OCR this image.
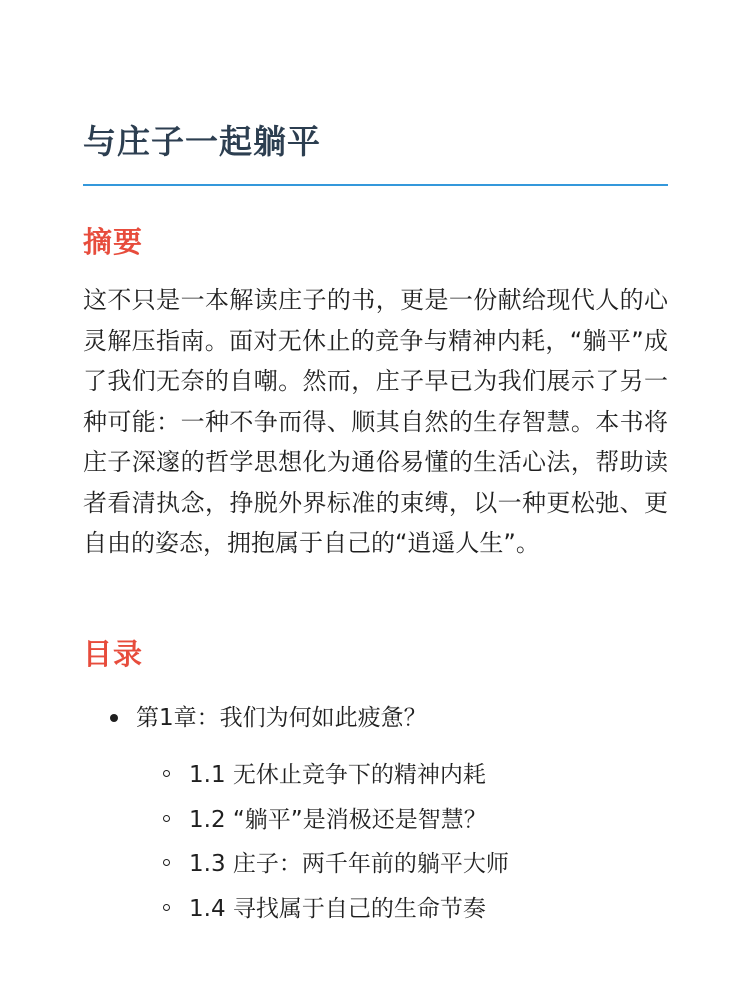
与庄子一起躺平
摘要

这不只是一本解读庄子的书，更是一份献给现代人的心灵解压指南。面对无休止的竞争与精神内耗，“躺平”成了我们无奈的自嘲。然而，庄子早已为我们展示了另一种可能：一种不争而得、顺其自然的生存智慧。本书将庄子深邃的哲学思想化为通俗易懂的生活心法，帮助读者看清执念，挣脱外界标准的束缚，以一种更松弛、更自由的姿态，拥抱属于自己的“逍遥人生”。

目录
第1章：我们为何如此疲惫？
1.1 无休止竞争下的精神内耗
1.2 “躺平”是消极还是智慧？
1.3 庄子：两千年前的躺平大师
1.4 寻找属于自己的生命节奏
